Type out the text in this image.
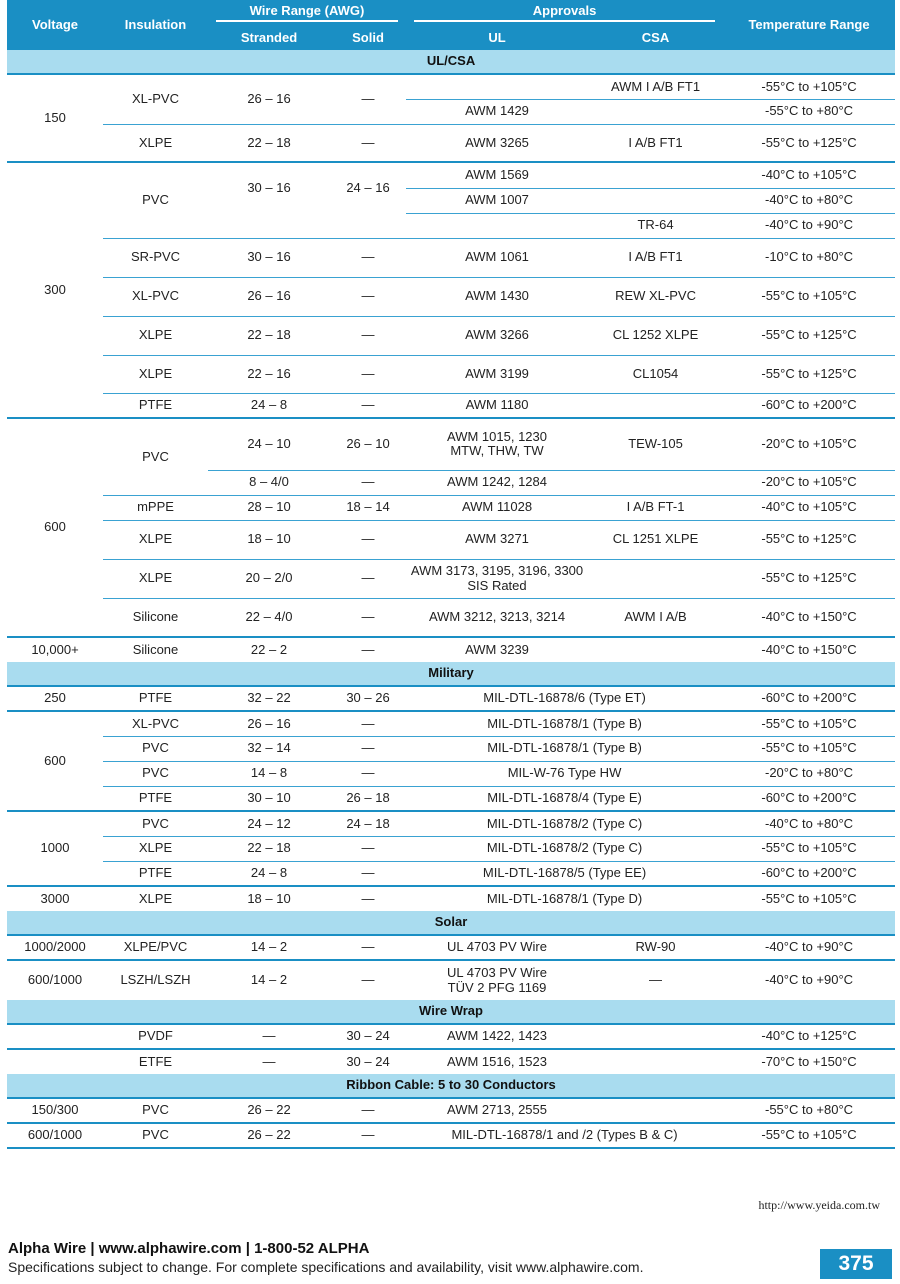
Voltage	Insulation	Wire Range (AWG)		Approvals		Temperature Range
		Stranded	Solid	UL	CSA	
UL/CSA						
150	XL-PVC	26 – 16	—		AWM I A/B FT1	-55°C to +105°C
				AWM 1429		-55°C to +80°C
	XLPE	22 – 18	—	AWM 3265	I A/B FT1	-55°C to +125°C
300	PVC	30 – 16	24 – 16	AWM 1569		-40°C to +105°C
				AWM 1007		-40°C to +80°C
					TR-64	-40°C to +90°C
	SR-PVC	30 – 16	—	AWM 1061	I A/B FT1	-10°C to +80°C
	XL-PVC	26 – 16	—	AWM 1430	REW XL-PVC	-55°C to +105°C
	XLPE	22 – 18	—	AWM 3266	CL 1252 XLPE	-55°C to +125°C
	XLPE	22 – 16	—	AWM 3199	CL1054	-55°C to +125°C
	PTFE	24 – 8	—	AWM 1180		-60°C to +200°C
600	PVC	24 – 10	26 – 10	AWM 1015, 1230
MTW, THW, TW	TEW-105	-20°C to +105°C
		8 – 4/0	—	AWM 1242, 1284		-20°C to +105°C
	mPPE	28 – 10	18 – 14	AWM 11028	I A/B FT-1	-40°C to +105°C
	XLPE	18 – 10	—	AWM 3271	CL 1251 XLPE	-55°C to +125°C
	XLPE	20 – 2/0	—	AWM 3173, 3195, 3196, 3300
SIS Rated		-55°C to +125°C
	Silicone	22 – 4/0	—	AWM 3212, 3213, 3214	AWM I A/B	-40°C to +150°C
10,000+	Silicone	22 – 2	—	AWM 3239		-40°C to +150°C
Military						
250	PTFE	32 – 22	30 – 26	MIL-DTL-16878/6 (Type ET)		-60°C to +200°C
600	XL-PVC	26 – 16	—	MIL-DTL-16878/1 (Type B)		-55°C to +105°C
	PVC	32 – 14	—	MIL-DTL-16878/1 (Type B)		-55°C to +105°C
	PVC	14 – 8	—	MIL-W-76 Type HW		-20°C to +80°C
	PTFE	30 – 10	26 – 18	MIL-DTL-16878/4 (Type E)		-60°C to +200°C
1000	PVC	24 – 12	24 – 18	MIL-DTL-16878/2 (Type C)		-40°C to +80°C
	XLPE	22 – 18	—	MIL-DTL-16878/2 (Type C)		-55°C to +105°C
	PTFE	24 – 8	—	MIL-DTL-16878/5 (Type EE)		-60°C to +200°C
3000	XLPE	18 – 10	—	MIL-DTL-16878/1 (Type D)		-55°C to +105°C
Solar						
1000/2000	XLPE/PVC	14 – 2	—	UL 4703 PV Wire	RW-90	-40°C to +90°C
600/1000	LSZH/LSZH	14 – 2	—	UL 4703 PV Wire
TÜV 2 PFG 1169	—	-40°C to +90°C
Wire Wrap						
	PVDF	—	30 – 24	AWM 1422, 1423		-40°C to +125°C
	ETFE	—	30 – 24	AWM 1516, 1523		-70°C to +150°C
Ribbon Cable: 5 to 30 Conductors						
150/300	PVC	26 – 22	—	AWM 2713, 2555		-55°C to +80°C
600/1000	PVC	26 – 22	—	MIL-DTL-16878/1 and /2 (Types B & C)		-55°C to +105°C
http://www.yeida.com.tw
Alpha Wire | www.alphawire.com | 1-800-52 ALPHA
Specifications subject to change. For complete specifications and availability, visit www.alphawire.com.	375
